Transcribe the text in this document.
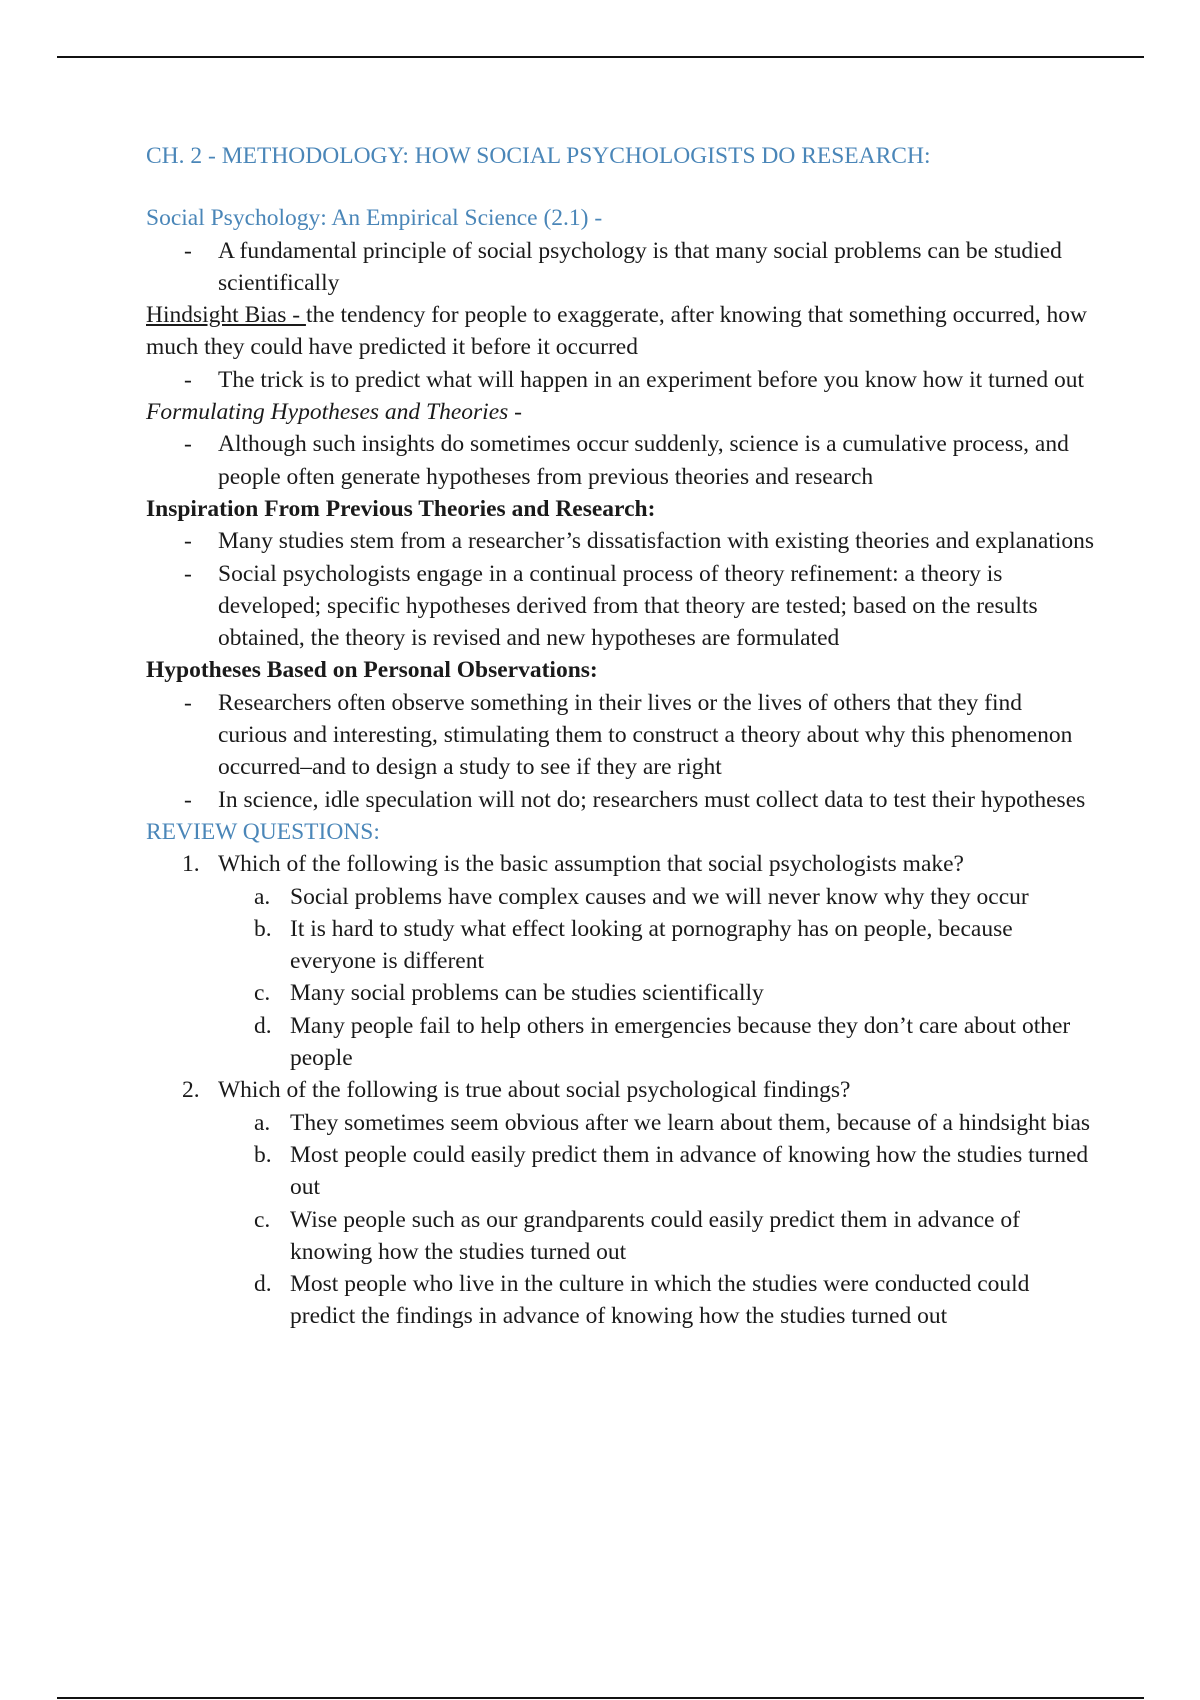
CH. 2 - METHODOLOGY: HOW SOCIAL PSYCHOLOGISTS DO RESEARCH:
Social Psychology: An Empirical Science (2.1) -
- A fundamental principle of social psychology is that many social problems can be studied scientifically

Hindsight Bias - the tendency for people to exaggerate, after knowing that something occurred, how much they could have predicted it before it occurred

- The trick is to predict what will happen in an experiment before you know how it turned out
Formulating Hypotheses and Theories -
- Although such insights do sometimes occur suddenly, science is a cumulative process, and people often generate hypotheses from previous theories and research
Inspiration From Previous Theories and Research:
- Many studies stem from a researcher’s dissatisfaction with existing theories and explanations
- Social psychologists engage in a continual process of theory refinement: a theory is developed; specific hypotheses derived from that theory are tested; based on the results obtained, the theory is revised and new hypotheses are formulated
Hypotheses Based on Personal Observations:
- Researchers often observe something in their lives or the lives of others that they find curious and interesting, stimulating them to construct a theory about why this phenomenon occurred–and to design a study to see if they are right
- In science, idle speculation will not do; researchers must collect data to test their hypotheses
REVIEW QUESTIONS:
1. Which of the following is the basic assumption that social psychologists make?
a. Social problems have complex causes and we will never know why they occur
b. It is hard to study what effect looking at pornography has on people, because everyone is different
c. Many social problems can be studies scientifically
d. Many people fail to help others in emergencies because they don’t care about other people
2. Which of the following is true about social psychological findings?
a. They sometimes seem obvious after we learn about them, because of a hindsight bias
b. Most people could easily predict them in advance of knowing how the studies turned out
c. Wise people such as our grandparents could easily predict them in advance of knowing how the studies turned out
d. Most people who live in the culture in which the studies were conducted could predict the findings in advance of knowing how the studies turned out
